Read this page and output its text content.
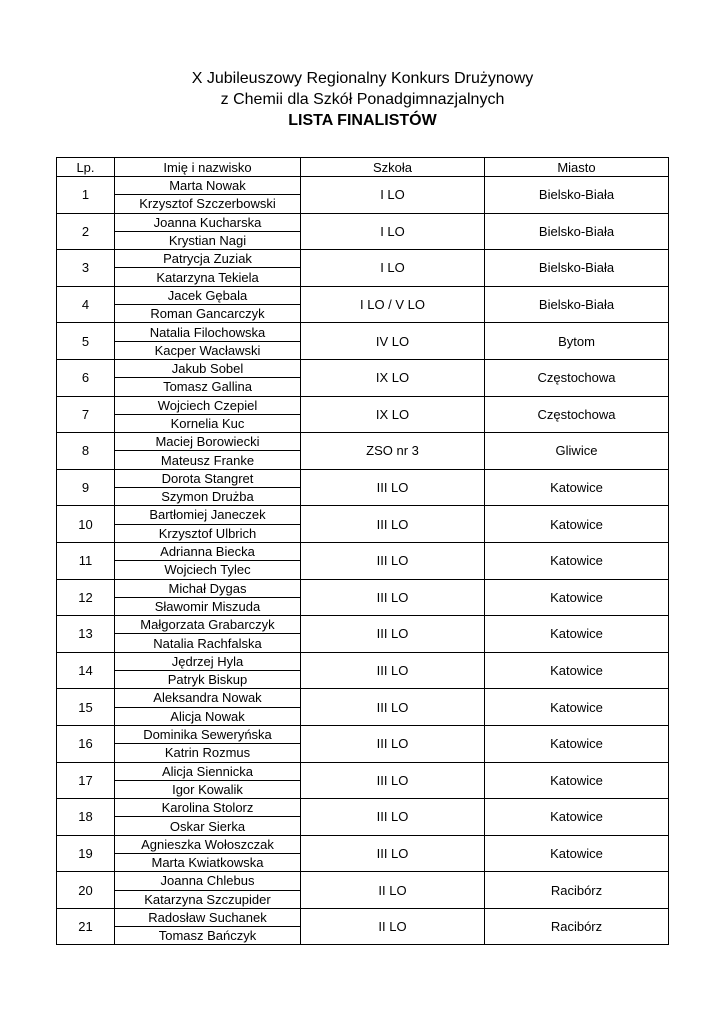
X Jubileuszowy Regionalny Konkurs Drużynowy
z Chemii dla Szkół Ponadgimnazjalnych
LISTA FINALISTÓW
Lp.	Imię i nazwisko	Szkoła	Miasto
1	Marta Nowak	I LO	Bielsko-Biała
	Krzysztof Szczerbowski		
2	Joanna Kucharska	I LO	Bielsko-Biała
	Krystian Nagi		
3	Patrycja Zuziak	I LO	Bielsko-Biała
	Katarzyna Tekiela		
4	Jacek Gębala	I LO / V LO	Bielsko-Biała
	Roman Gancarczyk		
5	Natalia Filochowska	IV LO	Bytom
	Kacper Wacławski		
6	Jakub Sobel	IX LO	Częstochowa
	Tomasz Gallina		
7	Wojciech Czepiel	IX LO	Częstochowa
	Kornelia Kuc		
8	Maciej Borowiecki	ZSO nr 3	Gliwice
	Mateusz Franke		
9	Dorota Stangret	III LO	Katowice
	Szymon Drużba		
10	Bartłomiej Janeczek	III LO	Katowice
	Krzysztof Ulbrich		
11	Adrianna Biecka	III LO	Katowice
	Wojciech Tylec		
12	Michał Dygas	III LO	Katowice
	Sławomir Miszuda		
13	Małgorzata Grabarczyk	III LO	Katowice
	Natalia Rachfalska		
14	Jędrzej Hyla	III LO	Katowice
	Patryk Biskup		
15	Aleksandra Nowak	III LO	Katowice
	Alicja Nowak		
16	Dominika Seweryńska	III LO	Katowice
	Katrin Rozmus		
17	Alicja Siennicka	III LO	Katowice
	Igor Kowalik		
18	Karolina Stolorz	III LO	Katowice
	Oskar Sierka		
19	Agnieszka Wołoszczak	III LO	Katowice
	Marta Kwiatkowska		
20	Joanna Chlebus	II LO	Racibórz
	Katarzyna Szczupider		
21	Radosław Suchanek	II LO	Racibórz
	Tomasz Bańczyk		
